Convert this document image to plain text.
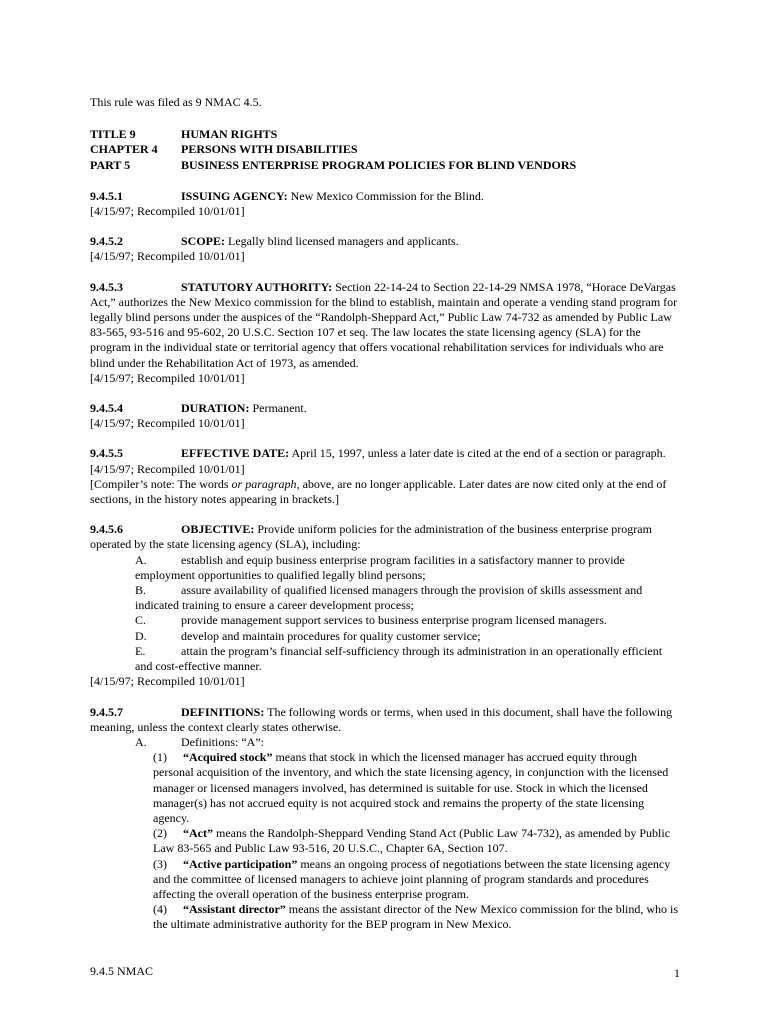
This rule was filed as 9 NMAC 4.5.

TITLE 9	HUMAN RIGHTS
CHAPTER 4	PERSONS WITH DISABILITIES
PART 5	BUSINESS ENTERPRISE PROGRAM POLICIES FOR BLIND VENDORS

9.4.5.1	ISSUING AGENCY: New Mexico Commission for the Blind.

[4/15/97; Recompiled 10/01/01]

9.4.5.2	SCOPE: Legally blind licensed managers and applicants.

[4/15/97; Recompiled 10/01/01]

9.4.5.3	STATUTORY AUTHORITY: Section 22-14-24 to Section 22-14-29 NMSA 1978, “Horace DeVargas Act,” authorizes the New Mexico commission for the blind to establish, maintain and operate a vending stand program for legally blind persons under the auspices of the “Randolph-Sheppard Act,” Public Law 74-732 as amended by Public Law 83-565, 93-516 and 95-602, 20 U.S.C. Section 107 et seq. The law locates the state licensing agency (SLA) for the program in the individual state or territorial agency that offers vocational rehabilitation services for individuals who are blind under the Rehabilitation Act of 1973, as amended.

[4/15/97; Recompiled 10/01/01]

9.4.5.4	DURATION: Permanent.

[4/15/97; Recompiled 10/01/01]

9.4.5.5	EFFECTIVE DATE: April 15, 1997, unless a later date is cited at the end of a section or paragraph.

[4/15/97; Recompiled 10/01/01]

[Compiler’s note: The words or paragraph, above, are no longer applicable. Later dates are now cited only at the end of sections, in the history notes appearing in brackets.]

9.4.5.6	OBJECTIVE: Provide uniform policies for the administration of the business enterprise program operated by the state licensing agency (SLA), including:

A.	establish and equip business enterprise program facilities in a satisfactory manner to provide employment opportunities to qualified legally blind persons;

B.	assure availability of qualified licensed managers through the provision of skills assessment and indicated training to ensure a career development process;

C.	provide management support services to business enterprise program licensed managers.

D.	develop and maintain procedures for quality customer service;

E.	attain the program’s financial self-sufficiency through its administration in an operationally efficient and cost-effective manner.

[4/15/97; Recompiled 10/01/01]

9.4.5.7	DEFINITIONS: The following words or terms, when used in this document, shall have the following meaning, unless the context clearly states otherwise.

A.	Definitions: “A”:

(1) “Acquired stock” means that stock in which the licensed manager has accrued equity through personal acquisition of the inventory, and which the state licensing agency, in conjunction with the licensed manager or licensed managers involved, has determined is suitable for use. Stock in which the licensed manager(s) has not accrued equity is not acquired stock and remains the property of the state licensing agency.

(2) “Act” means the Randolph-Sheppard Vending Stand Act (Public Law 74-732), as amended by Public Law 83-565 and Public Law 93-516, 20 U.S.C., Chapter 6A, Section 107.

(3) “Active participation” means an ongoing process of negotiations between the state licensing agency and the committee of licensed managers to achieve joint planning of program standards and procedures affecting the overall operation of the business enterprise program.

(4) “Assistant director” means the assistant director of the New Mexico commission for the blind, who is the ultimate administrative authority for the BEP program in New Mexico.

9.4.5 NMAC	1
